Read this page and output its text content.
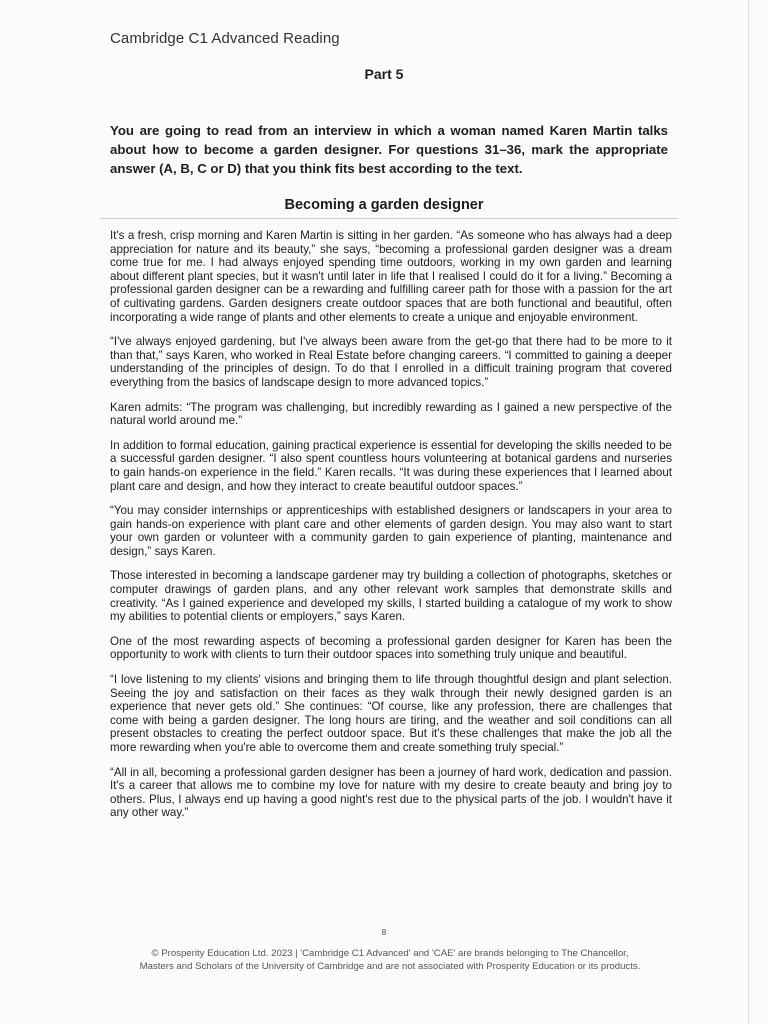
Cambridge C1 Advanced Reading
Part 5
You are going to read from an interview in which a woman named Karen Martin talks about how to become a garden designer. For questions 31–36, mark the appropriate answer (A, B, C or D) that you think fits best according to the text.
Becoming a garden designer

It's a fresh, crisp morning and Karen Martin is sitting in her garden. “As someone who has always had a deep appreciation for nature and its beauty,” she says, “becoming a professional garden designer was a dream come true for me. I had always enjoyed spending time outdoors, working in my own garden and learning about different plant species, but it wasn't until later in life that I realised I could do it for a living.” Becoming a professional garden designer can be a rewarding and fulfilling career path for those with a passion for the art of cultivating gardens. Garden designers create outdoor spaces that are both functional and beautiful, often incorporating a wide range of plants and other elements to create a unique and enjoyable environment.

“I've always enjoyed gardening, but I've always been aware from the get-go that there had to be more to it than that,” says Karen, who worked in Real Estate before changing careers. “I committed to gaining a deeper understanding of the principles of design. To do that I enrolled in a difficult training program that covered everything from the basics of landscape design to more advanced topics.”

Karen admits: “The program was challenging, but incredibly rewarding as I gained a new perspective of the natural world around me.”

In addition to formal education, gaining practical experience is essential for developing the skills needed to be a successful garden designer. “I also spent countless hours volunteering at botanical gardens and nurseries to gain hands-on experience in the field.” Karen recalls. “It was during these experiences that I learned about plant care and design, and how they interact to create beautiful outdoor spaces.”

“You may consider internships or apprenticeships with established designers or landscapers in your area to gain hands-on experience with plant care and other elements of garden design. You may also want to start your own garden or volunteer with a community garden to gain experience of planting, maintenance and design,” says Karen.

Those interested in becoming a landscape gardener may try building a collection of photographs, sketches or computer drawings of garden plans, and any other relevant work samples that demonstrate skills and creativity. “As I gained experience and developed my skills, I started building a catalogue of my work to show my abilities to potential clients or employers,” says Karen.

One of the most rewarding aspects of becoming a professional garden designer for Karen has been the opportunity to work with clients to turn their outdoor spaces into something truly unique and beautiful.

“I love listening to my clients' visions and bringing them to life through thoughtful design and plant selection. Seeing the joy and satisfaction on their faces as they walk through their newly designed garden is an experience that never gets old.” She continues: “Of course, like any profession, there are challenges that come with being a garden designer. The long hours are tiring, and the weather and soil conditions can all present obstacles to creating the perfect outdoor space. But it's these challenges that make the job all the more rewarding when you're able to overcome them and create something truly special.”

“All in all, becoming a professional garden designer has been a journey of hard work, dedication and passion. It's a career that allows me to combine my love for nature with my desire to create beauty and bring joy to others. Plus, I always end up having a good night's rest due to the physical parts of the job. I wouldn't have it any other way.”

8
© Prosperity Education Ltd. 2023 | 'Cambridge C1 Advanced' and 'CAE' are brands belonging to The Chancellor,
Masters and Scholars of the University of Cambridge and are not associated with Prosperity Education or its products.
